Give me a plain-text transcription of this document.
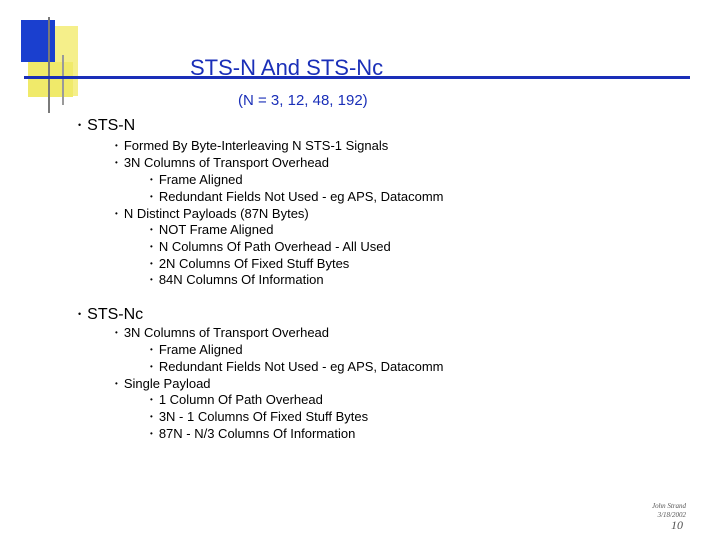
STS-N And STS-Nc
(N = 3, 12, 48, 192)
• STS-N
• Formed By Byte-Interleaving N STS-1 Signals
• 3N Columns of Transport Overhead
• Frame Aligned
• Redundant Fields Not Used - eg APS, Datacomm
• N Distinct Payloads (87N Bytes)
• NOT Frame Aligned
• N Columns Of Path Overhead - All Used
• 2N Columns Of Fixed Stuff Bytes
• 84N Columns Of Information
• STS-Nc
• 3N Columns of Transport Overhead
• Frame Aligned
• Redundant Fields Not Used - eg APS, Datacomm
• Single Payload
• 1 Column Of Path Overhead
• 3N - 1 Columns Of Fixed Stuff Bytes
• 87N - N/3 Columns Of Information
John Strand
3/18/2002
10
